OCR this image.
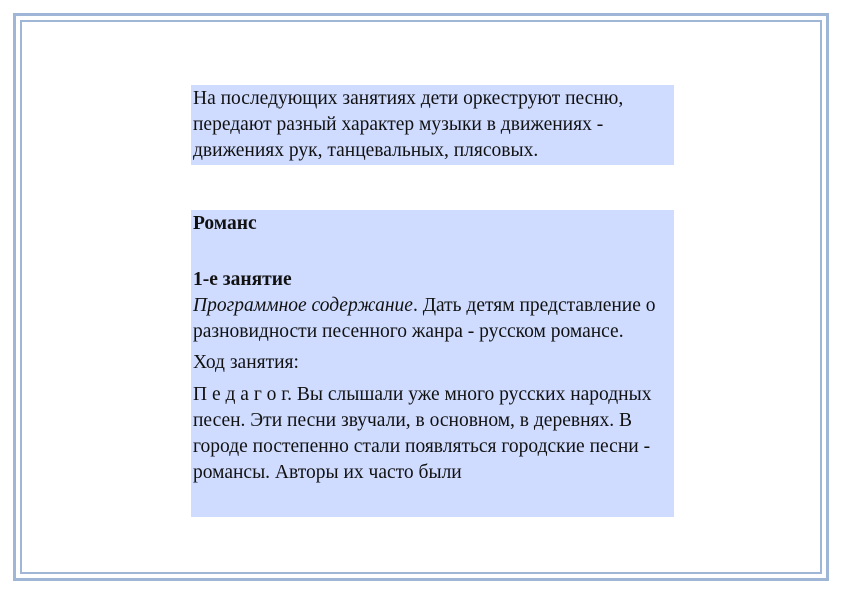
На последующих занятиях дети оркеструют песню, передают разный характер музыки в движениях - движениях рук, танцевальных, плясовых.

Романс

1-е занятие

Программное содержание. Дать детям представление о разновидности песенного жанра - русском романсе.

Ход занятия:

П е д а г о г. Вы слышали уже много русских народных песен. Эти песни звучали, в основном, в деревнях. В городе постепенно стали появляться городские песни - романсы. Авторы их часто были
